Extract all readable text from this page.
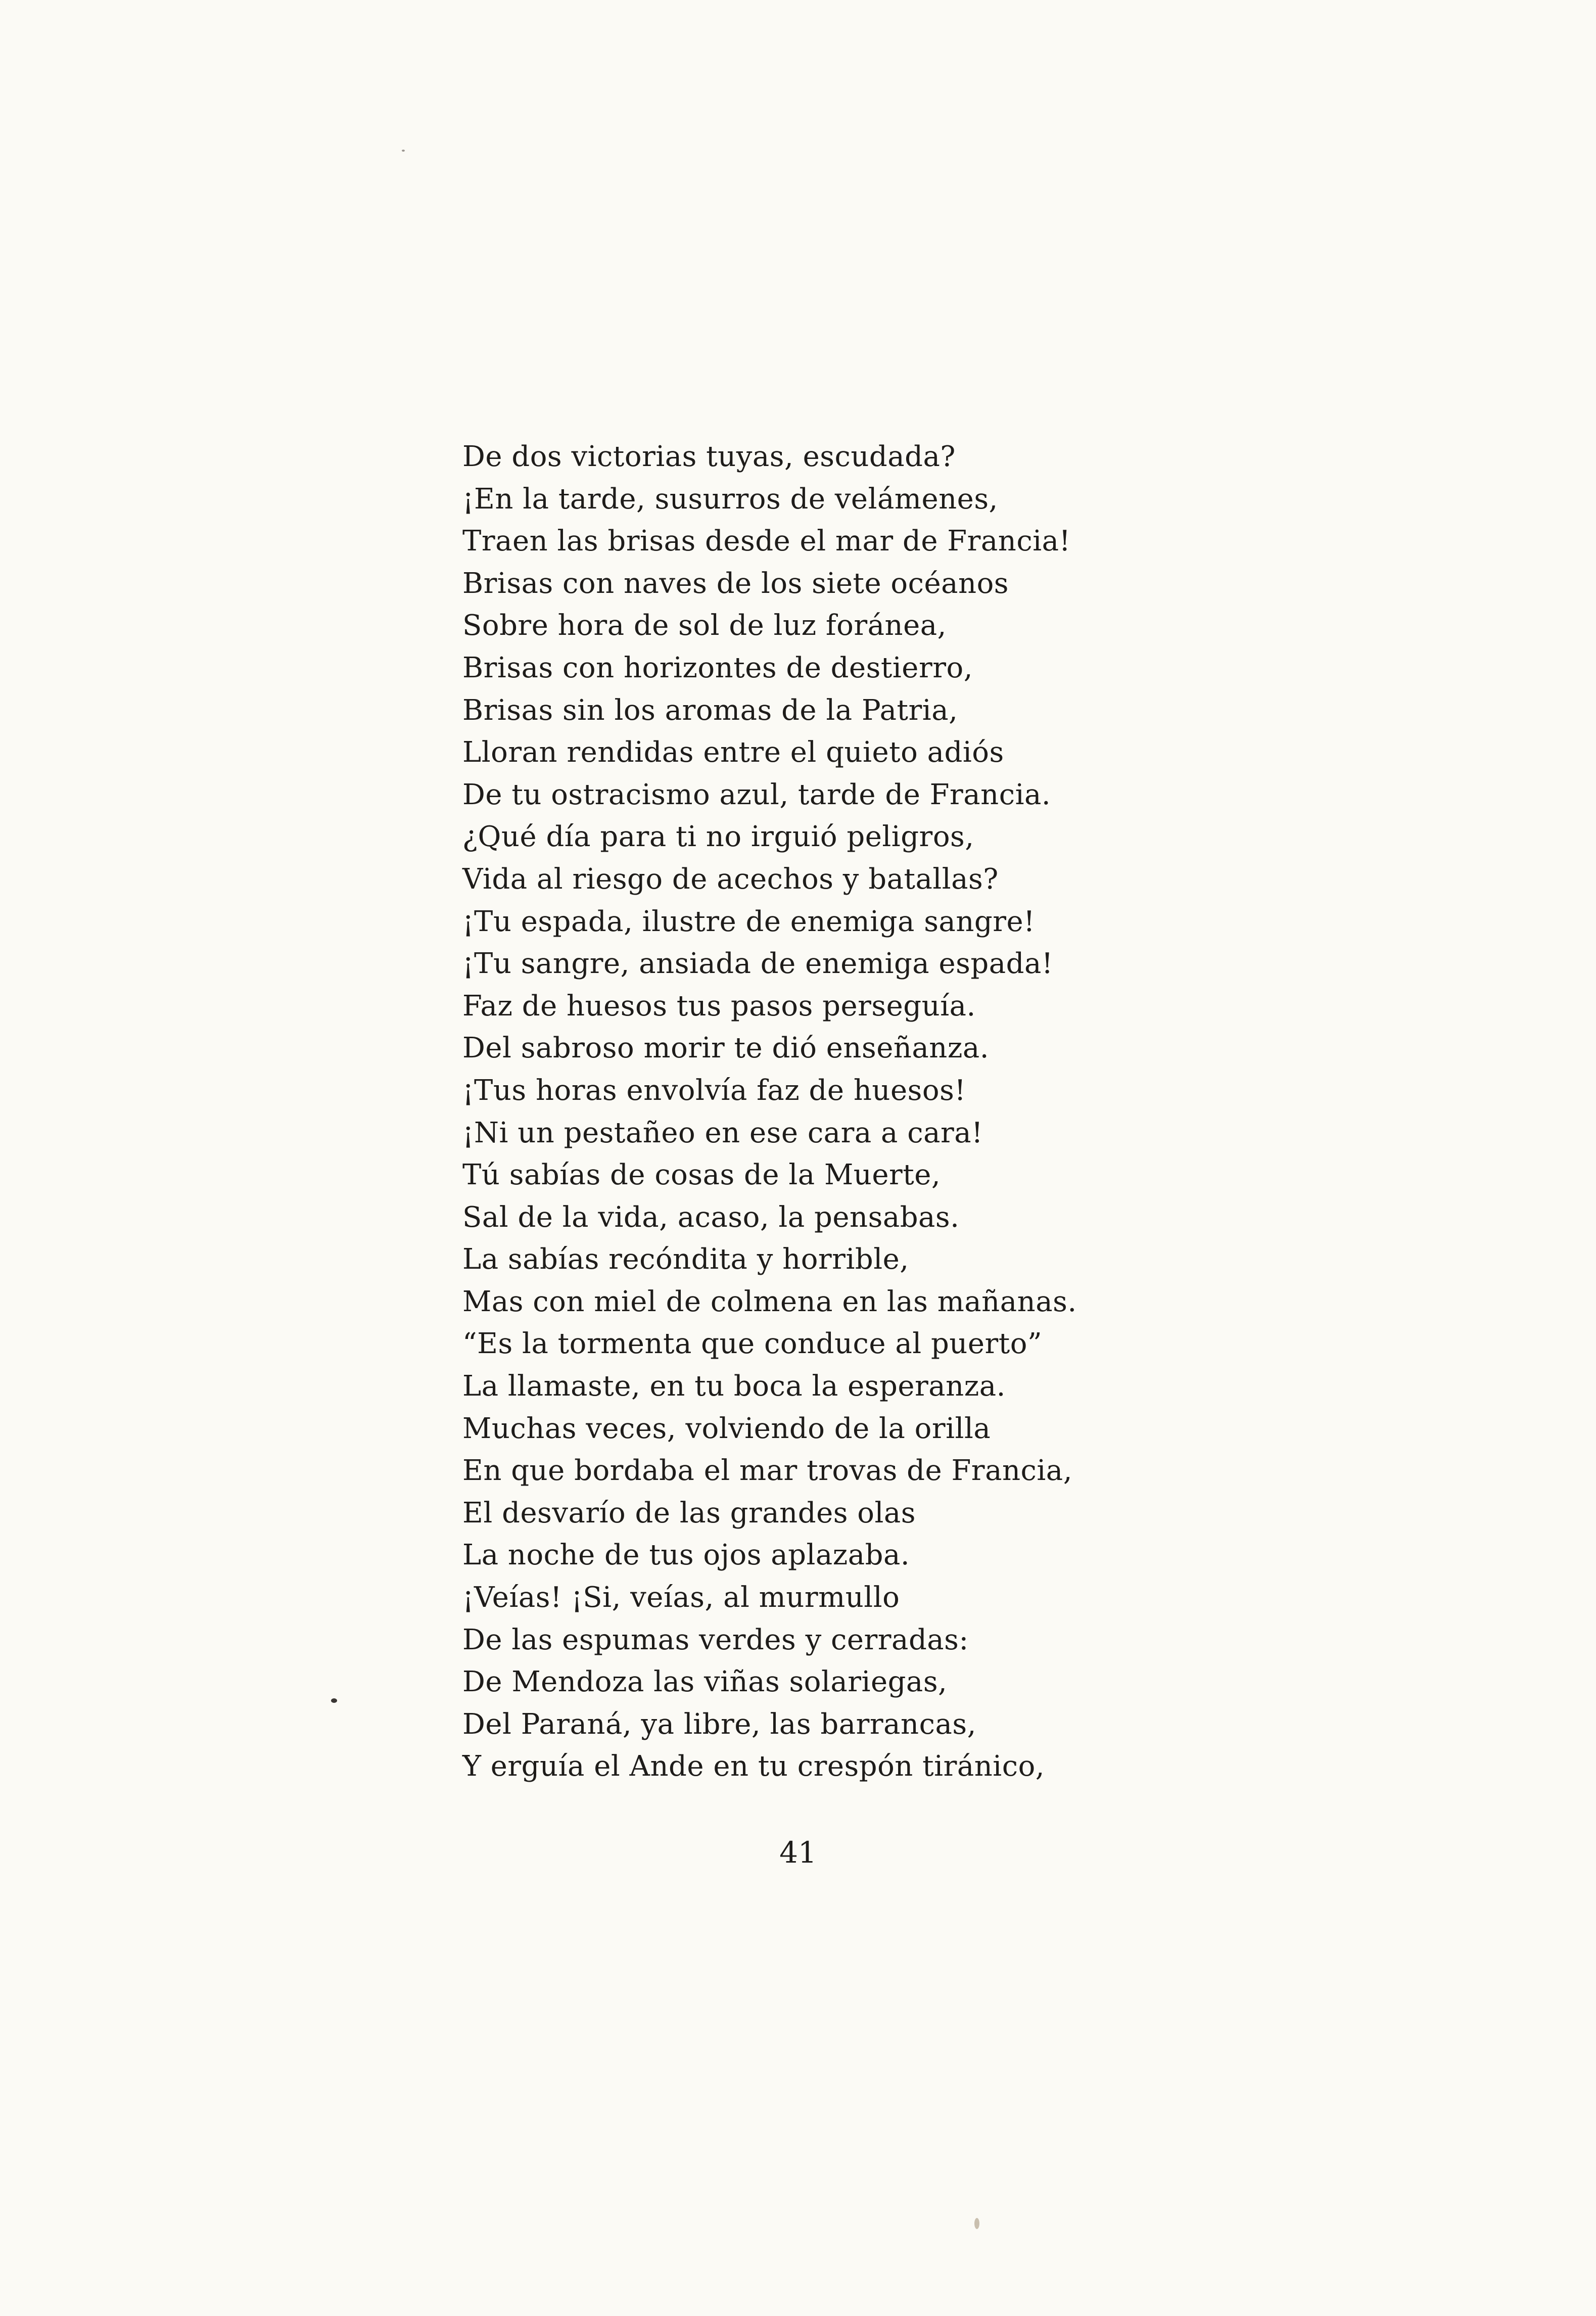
De dos victorias tuyas, escudada?
¡En la tarde, susurros de velámenes,
Traen las brisas desde el mar de Francia!
Brisas con naves de los siete océanos
Sobre hora de sol de luz foránea,
Brisas con horizontes de destierro,
Brisas sin los aromas de la Patria,
Lloran rendidas entre el quieto adiós
De tu ostracismo azul, tarde de Francia.
¿Qué día para ti no irguió peligros,
Vida al riesgo de acechos y batallas?
¡Tu espada, ilustre de enemiga sangre!
¡Tu sangre, ansiada de enemiga espada!
Faz de huesos tus pasos perseguía.
Del sabroso morir te dió enseñanza.
¡Tus horas envolvía faz de huesos!
¡Ni un pestañeo en ese cara a cara!
Tú sabías de cosas de la Muerte,
Sal de la vida, acaso, la pensabas.
La sabías recóndita y horrible,
Mas con miel de colmena en las mañanas.
“Es la tormenta que conduce al puerto”
La llamaste, en tu boca la esperanza.
Muchas veces, volviendo de la orilla
En que bordaba el mar trovas de Francia,
El desvarío de las grandes olas
La noche de tus ojos aplazaba.
¡Veías! ¡Si, veías, al murmullo
De las espumas verdes y cerradas:
De Mendoza las viñas solariegas,
Del Paraná, ya libre, las barrancas,
Y erguía el Ande en tu crespón tiránico,
41
